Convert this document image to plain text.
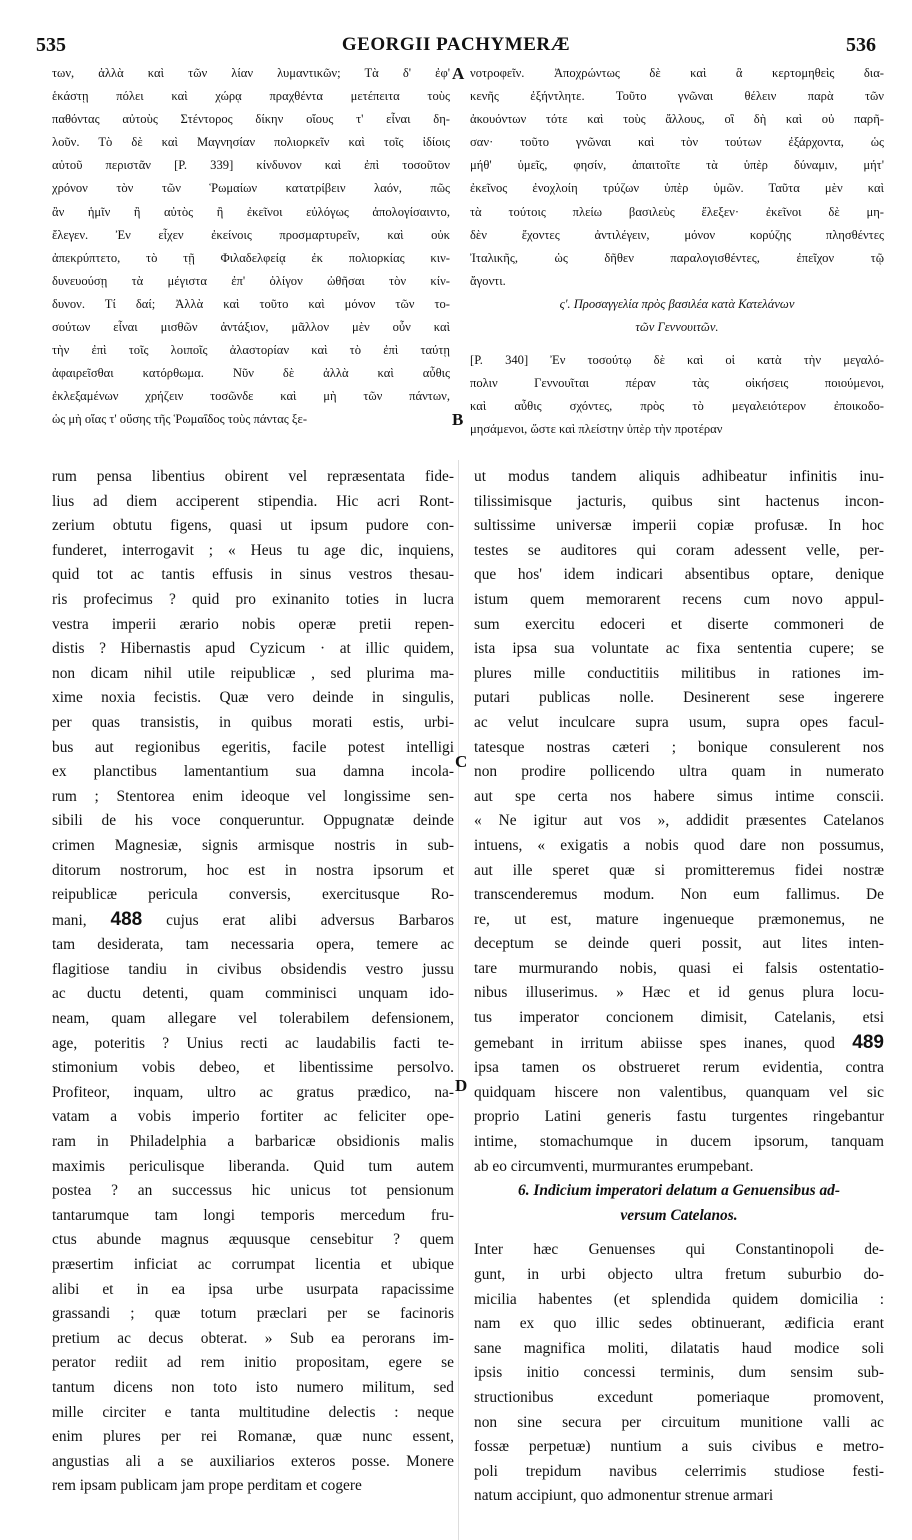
535	GEORGII PACHYMERÆ	536
A
B
C
D
των, ἀλλὰ καὶ τῶν λίαν λυμαντικῶν; Τὰ δ' ἐφ'
ἑκάστῃ πόλει καὶ χώρᾳ πραχθέντα μετέπειτα τοὺς
παθόντας αὐτοὺς Στέντορος δίκην οἴους τ' εἶναι δη-
λοῦν. Τὸ δὲ καὶ Μαγνησίαν πολιορκεῖν καὶ τοῖς ἰδίοις
αὐτοῦ περιστᾶν [P. 339] κίνδυνον καὶ ἐπὶ τοσοῦτον
χρόνον τὸν τῶν Ῥωμαίων κατατρίβειν λαόν, πῶς
ἂν ἡμῖν ἢ αὐτὸς ἢ ἐκεῖνοι εὐλόγως ἀπολογίσαιντο,
ἔλεγεν. Ἐν εἶχεν ἐκείνοις προσμαρτυρεῖν, καὶ οὐκ
ἀπεκρύπτετο, τὸ τῇ Φιλαδελφείᾳ ἐκ πολιορκίας κιν-
δυνευούσῃ τὰ μέγιστα ἐπ' ὀλίγον ὠθῆσαι τὸν κίν-
δυνον. Τί δαί; Ἀλλὰ καὶ τοῦτο καὶ μόνον τῶν το-
σούτων εἶναι μισθῶν ἀντάξιον, μᾶλλον μὲν οὖν καὶ
τὴν ἐπὶ τοῖς λοιποῖς ἀλαστορίαν καὶ τὸ ἐπὶ ταύτῃ
ἀφαιρεῖσθαι κατόρθωμα. Νῦν δὲ ἀλλὰ καὶ αὖθις
ἐκλεξαμένων χρήζειν τοσῶνδε καὶ μὴ τῶν πάντων,
ὡς μὴ οἵας τ' οὔσης τῆς Ῥωμαΐδος τοὺς πάντας ξε-
νοτροφεῖν. Ἀποχρώντως δὲ καὶ ἃ κερτομηθεὶς δια-
κενῆς ἐξήντλητε. Τοῦτο γνῶναι θέλειν παρὰ τῶν
ἀκουόντων τότε καὶ τοὺς ἄλλους, οἳ δὴ καὶ οὐ παρῆ-
σαν· τοῦτο γνῶναι καὶ τὸν τούτων ἐξάρχοντα, ὡς
μήθ' ὑμεῖς, φησίν, ἀπαιτοῖτε τὰ ὑπὲρ δύναμιν, μήτ'
ἐκεῖνος ἐνοχλοίη τρύζων ὑπὲρ ὑμῶν. Ταῦτα μὲν καὶ
τὰ τούτοις πλείω βασιλεὺς ἔλεξεν· ἐκεῖνοι δὲ μη-
δὲν ἔχοντες ἀντιλέγειν, μόνον κορύζης πλησθέντες
Ἰταλικῆς, ὡς δῆθεν παραλογισθέντες, ἐπεῖχον τῷ
ἄγοντι.
ς'. Προσαγγελία πρὸς βασιλέα κατὰ Κατελάνων
τῶν Γεννουιτῶν.
[P. 340] Ἐν τοσούτῳ δὲ καὶ οἱ κατὰ τὴν μεγαλό-
πολιν Γεννουῖται πέραν τὰς οἰκήσεις ποιούμενοι,
καὶ αὖθις σχόντες, πρὸς τὸ μεγαλειότερον ἐποικοδο-
μησάμενοι, ὥστε καὶ πλείστην ὑπὲρ τὴν προτέραν
rum pensa libentius obirent vel repræsentata fide-
lius ad diem acciperent stipendia. Hic acri Ront-
zerium obtutu figens, quasi ut ipsum pudore con-
funderet, interrogavit ; « Heus tu age dic, inquiens,
quid tot ac tantis effusis in sinus vestros thesau-
ris profecimus ? quid pro exinanito toties in lucra
vestra imperii ærario nobis operæ pretii repen-
distis ? Hibernastis apud Cyzicum · at illic quidem,
non dicam nihil utile reipublicæ , sed plurima ma-
xime noxia fecistis. Quæ vero deinde in singulis,
per quas transistis, in quibus morati estis, urbi-
bus aut regionibus egeritis, facile potest intelligi
ex planctibus lamentantium sua damna incola-
rum ; Stentorea enim ideoque vel longissime sen-
sibili de his voce conqueruntur. Oppugnatæ deinde
crimen Magnesiæ, signis armisque nostris in sub-
ditorum nostrorum, hoc est in nostra ipsorum et
reipublicæ pericula conversis, exercitusque Ro-
mani, 488 cujus erat alibi adversus Barbaros
tam desiderata, tam necessaria opera, temere ac
flagitiose tandiu in civibus obsidendis vestro jussu
ac ductu detenti, quam comminisci unquam ido-
neam, quam allegare vel tolerabilem defensionem,
age, poteritis ? Unius recti ac laudabilis facti te-
stimonium vobis debeo, et libentissime persolvo.
Profiteor, inquam, ultro ac gratus prædico, na-
vatam a vobis imperio fortiter ac feliciter ope-
ram in Philadelphia a barbaricæ obsidionis malis
maximis periculisque liberanda. Quid tum autem
postea ? an successus hic unicus tot pensionum
tantarumque tam longi temporis mercedum fru-
ctus abunde magnus æquusque censebitur ? quem
præsertim inficiat ac corrumpat licentia et ubique
alibi et in ea ipsa urbe usurpata rapacissime
grassandi ; quæ totum præclari per se facinoris
pretium ac decus obterat. » Sub ea perorans im-
perator rediit ad rem initio propositam, egere se
tantum dicens non toto isto numero militum, sed
mille circiter e tanta multitudine delectis : neque
enim plures per rei Romanæ, quæ nunc essent,
angustias ali a se auxiliarios exteros posse. Monere
rem ipsam publicam jam prope perditam et cogere
ut modus tandem aliquis adhibeatur infinitis inu-
tilissimisque jacturis, quibus sint hactenus incon-
sultissime universæ imperii copiæ profusæ. In hoc
testes se auditores qui coram adessent velle, per-
que hos' idem indicari absentibus optare, denique
istum quem memorarent recens cum novo appul-
sum exercitu edoceri et diserte commoneri de
ista ipsa sua voluntate ac fixa sententia cupere; se
plures mille conductitiis militibus in rationes im-
putari publicas nolle. Desinerent sese ingerere
ac velut inculcare supra usum, supra opes facul-
tatesque nostras cæteri ; bonique consulerent nos
non prodire pollicendo ultra quam in numerato
aut spe certa nos habere simus intime conscii.
« Ne igitur aut vos », addidit præsentes Catelanos
intuens, « exigatis a nobis quod dare non possumus,
aut ille speret quæ si promitteremus fidei nostræ
transcenderemus modum. Non eum fallimus. De
re, ut est, mature ingenueque præmonemus, ne
deceptum se deinde queri possit, aut lites inten-
tare murmurando nobis, quasi ei falsis ostentatio-
nibus illuserimus. » Hæc et id genus plura locu-
tus imperator concionem dimisit, Catelanis, etsi
gemebant in irritum abiisse spes inanes, quod 489
ipsa tamen os obstrueret rerum evidentia, contra
quidquam hiscere non valentibus, quanquam vel sic
proprio Latini generis fastu turgentes ringebantur
intime, stomachumque in ducem ipsorum, tanquam
ab eo circumventi, murmurantes erumpebant.
6. Indicium imperatori delatum a Genuensibus ad-
versum Catelanos.
Inter hæc Genuenses qui Constantinopoli de-
gunt, in urbi objecto ultra fretum suburbio do-
micilia habentes (et splendida quidem domicilia :
nam ex quo illic sedes obtinuerant, ædificia erant
sane magnifica moliti, dilatatis haud modice soli
ipsis initio concessi terminis, dum sensim sub-
structionibus excedunt pomeriaque promovent,
non sine secura per circuitum munitione valli ac
fossæ perpetuæ) nuntium a suis civibus e metro-
poli trepidum navibus celerrimis studiose festi-
natum accipiunt, quo admonentur strenue armari
